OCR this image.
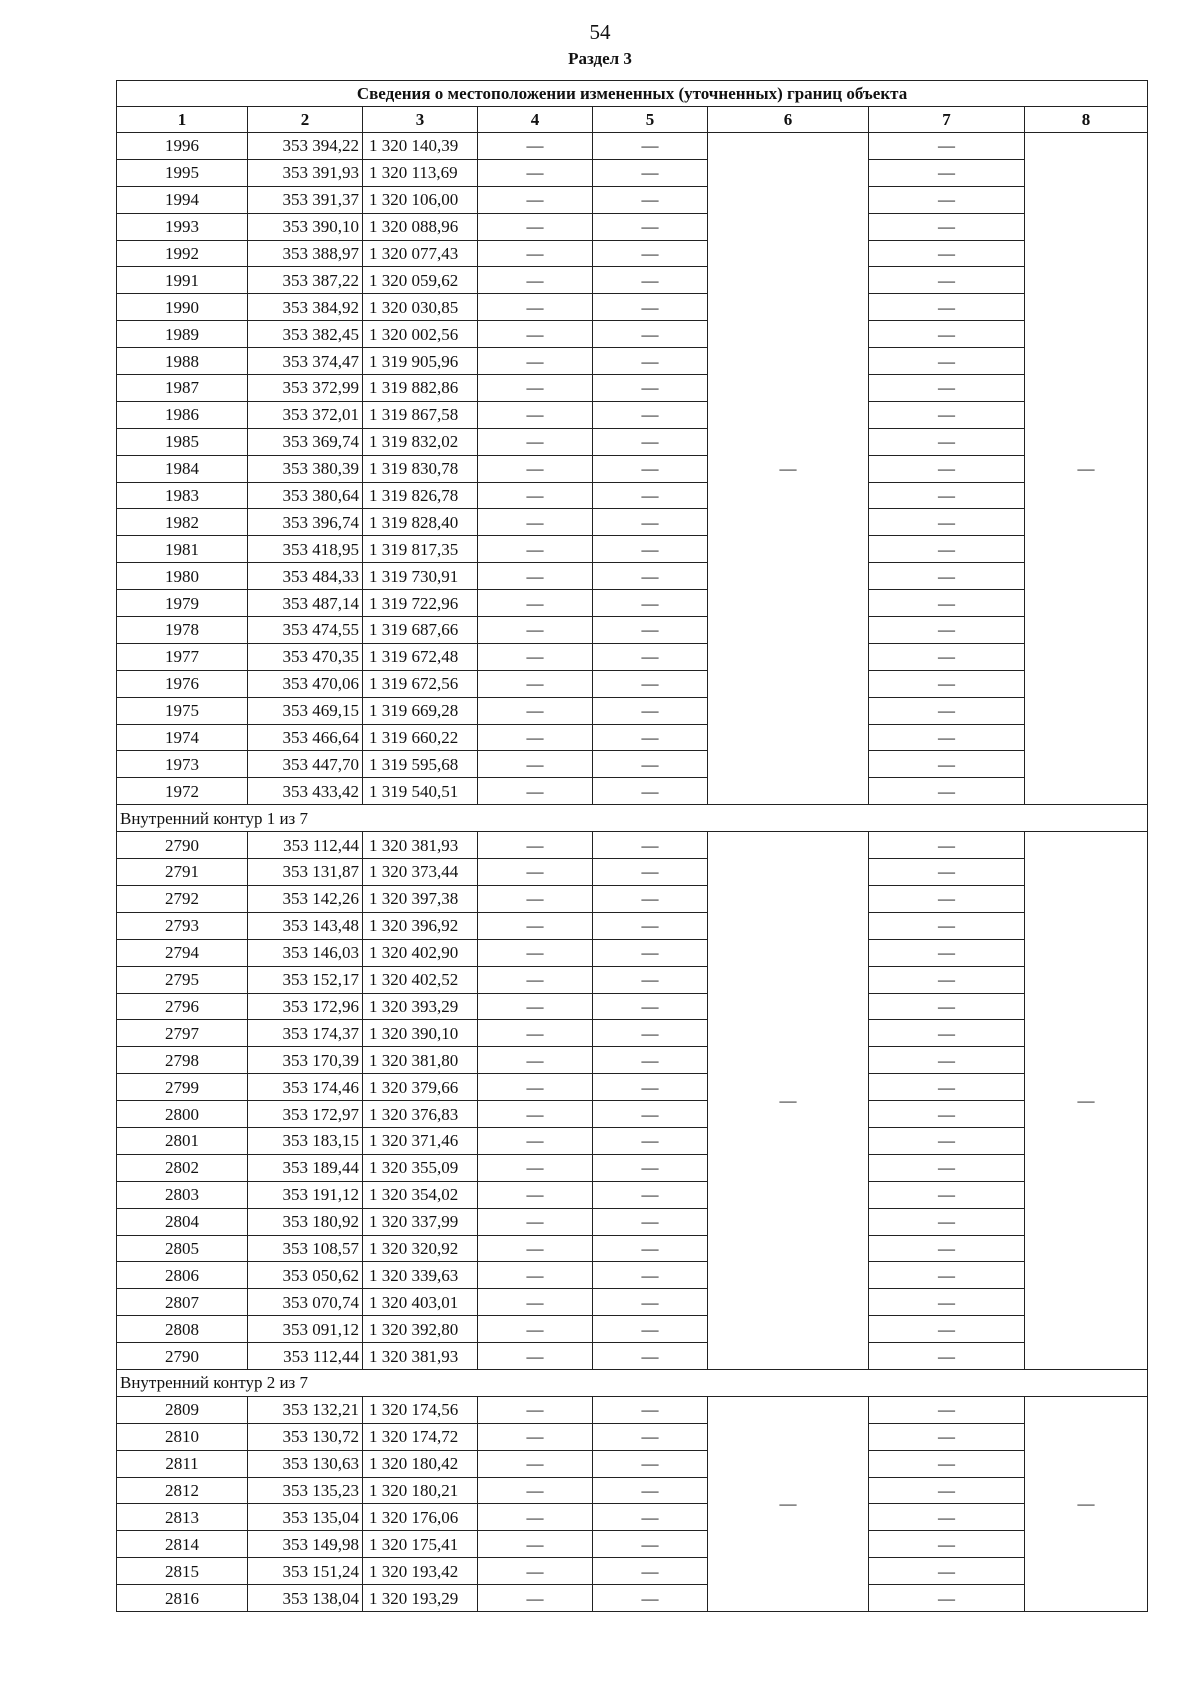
54
Раздел 3
Сведения о местоположении измененных (уточненных) границ объекта							
1	2	3	4	5	6	7	8
1996	353 394,22	1 320 140,39	—	—	—	—	—
1995	353 391,93	1 320 113,69	—	—		—	
1994	353 391,37	1 320 106,00	—	—		—	
1993	353 390,10	1 320 088,96	—	—		—	
1992	353 388,97	1 320 077,43	—	—		—	
1991	353 387,22	1 320 059,62	—	—		—	
1990	353 384,92	1 320 030,85	—	—		—	
1989	353 382,45	1 320 002,56	—	—		—	
1988	353 374,47	1 319 905,96	—	—		—	
1987	353 372,99	1 319 882,86	—	—		—	
1986	353 372,01	1 319 867,58	—	—		—	
1985	353 369,74	1 319 832,02	—	—		—	
1984	353 380,39	1 319 830,78	—	—		—	
1983	353 380,64	1 319 826,78	—	—		—	
1982	353 396,74	1 319 828,40	—	—		—	
1981	353 418,95	1 319 817,35	—	—		—	
1980	353 484,33	1 319 730,91	—	—		—	
1979	353 487,14	1 319 722,96	—	—		—	
1978	353 474,55	1 319 687,66	—	—		—	
1977	353 470,35	1 319 672,48	—	—		—	
1976	353 470,06	1 319 672,56	—	—		—	
1975	353 469,15	1 319 669,28	—	—		—	
1974	353 466,64	1 319 660,22	—	—		—	
1973	353 447,70	1 319 595,68	—	—		—	
1972	353 433,42	1 319 540,51	—	—		—	
Внутренний контур 1 из 7							
2790	353 112,44	1 320 381,93	—	—	—	—	—
2791	353 131,87	1 320 373,44	—	—		—	
2792	353 142,26	1 320 397,38	—	—		—	
2793	353 143,48	1 320 396,92	—	—		—	
2794	353 146,03	1 320 402,90	—	—		—	
2795	353 152,17	1 320 402,52	—	—		—	
2796	353 172,96	1 320 393,29	—	—		—	
2797	353 174,37	1 320 390,10	—	—		—	
2798	353 170,39	1 320 381,80	—	—		—	
2799	353 174,46	1 320 379,66	—	—		—	
2800	353 172,97	1 320 376,83	—	—		—	
2801	353 183,15	1 320 371,46	—	—		—	
2802	353 189,44	1 320 355,09	—	—		—	
2803	353 191,12	1 320 354,02	—	—		—	
2804	353 180,92	1 320 337,99	—	—		—	
2805	353 108,57	1 320 320,92	—	—		—	
2806	353 050,62	1 320 339,63	—	—		—	
2807	353 070,74	1 320 403,01	—	—		—	
2808	353 091,12	1 320 392,80	—	—		—	
2790	353 112,44	1 320 381,93	—	—		—	
Внутренний контур 2 из 7							
2809	353 132,21	1 320 174,56	—	—	—	—	—
2810	353 130,72	1 320 174,72	—	—		—	
2811	353 130,63	1 320 180,42	—	—		—	
2812	353 135,23	1 320 180,21	—	—		—	
2813	353 135,04	1 320 176,06	—	—		—	
2814	353 149,98	1 320 175,41	—	—		—	
2815	353 151,24	1 320 193,42	—	—		—	
2816	353 138,04	1 320 193,29	—	—		—	
